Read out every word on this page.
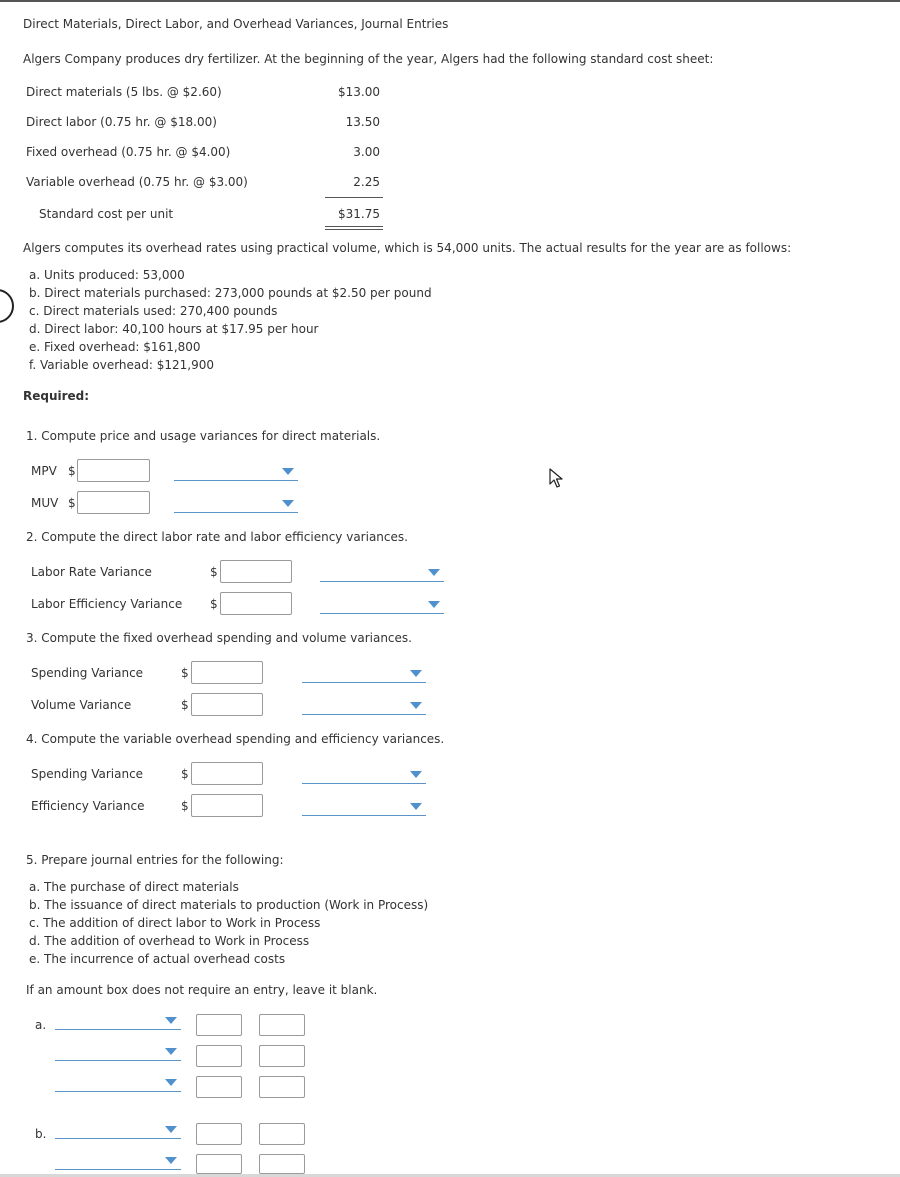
Direct Materials, Direct Labor, and Overhead Variances, Journal Entries
Algers Company produces dry fertilizer. At the beginning of the year, Algers had the following standard cost sheet:
Direct materials (5 lbs. @ $2.60)	$13.00
Direct labor (0.75 hr. @ $18.00)	13.50
Fixed overhead (0.75 hr. @ $4.00)	3.00
Variable overhead (0.75 hr. @ $3.00)	2.25
Standard cost per unit	$31.75
Algers computes its overhead rates using practical volume, which is 54,000 units. The actual results for the year are as follows:
a. Units produced: 53,000
b. Direct materials purchased: 273,000 pounds at $2.50 per pound
c. Direct materials used: 270,400 pounds
d. Direct labor: 40,100 hours at $17.95 per hour
e. Fixed overhead: $161,800
f. Variable overhead: $121,900
Required:
1. Compute price and usage variances for direct materials.
MPV $
MUV $
2. Compute the direct labor rate and labor efficiency variances.
Labor Rate Variance	$
Labor Efficiency Variance $
3. Compute the fixed overhead spending and volume variances.
Spending Variance	$
Volume Variance	$
4. Compute the variable overhead spending and efficiency variances.
Spending Variance	$
Efficiency Variance	$
5. Prepare journal entries for the following:
a. The purchase of direct materials
b. The issuance of direct materials to production (Work in Process)
c. The addition of direct labor to Work in Process
d. The addition of overhead to Work in Process
e. The incurrence of actual overhead costs
If an amount box does not require an entry, leave it blank.
a.
b.
